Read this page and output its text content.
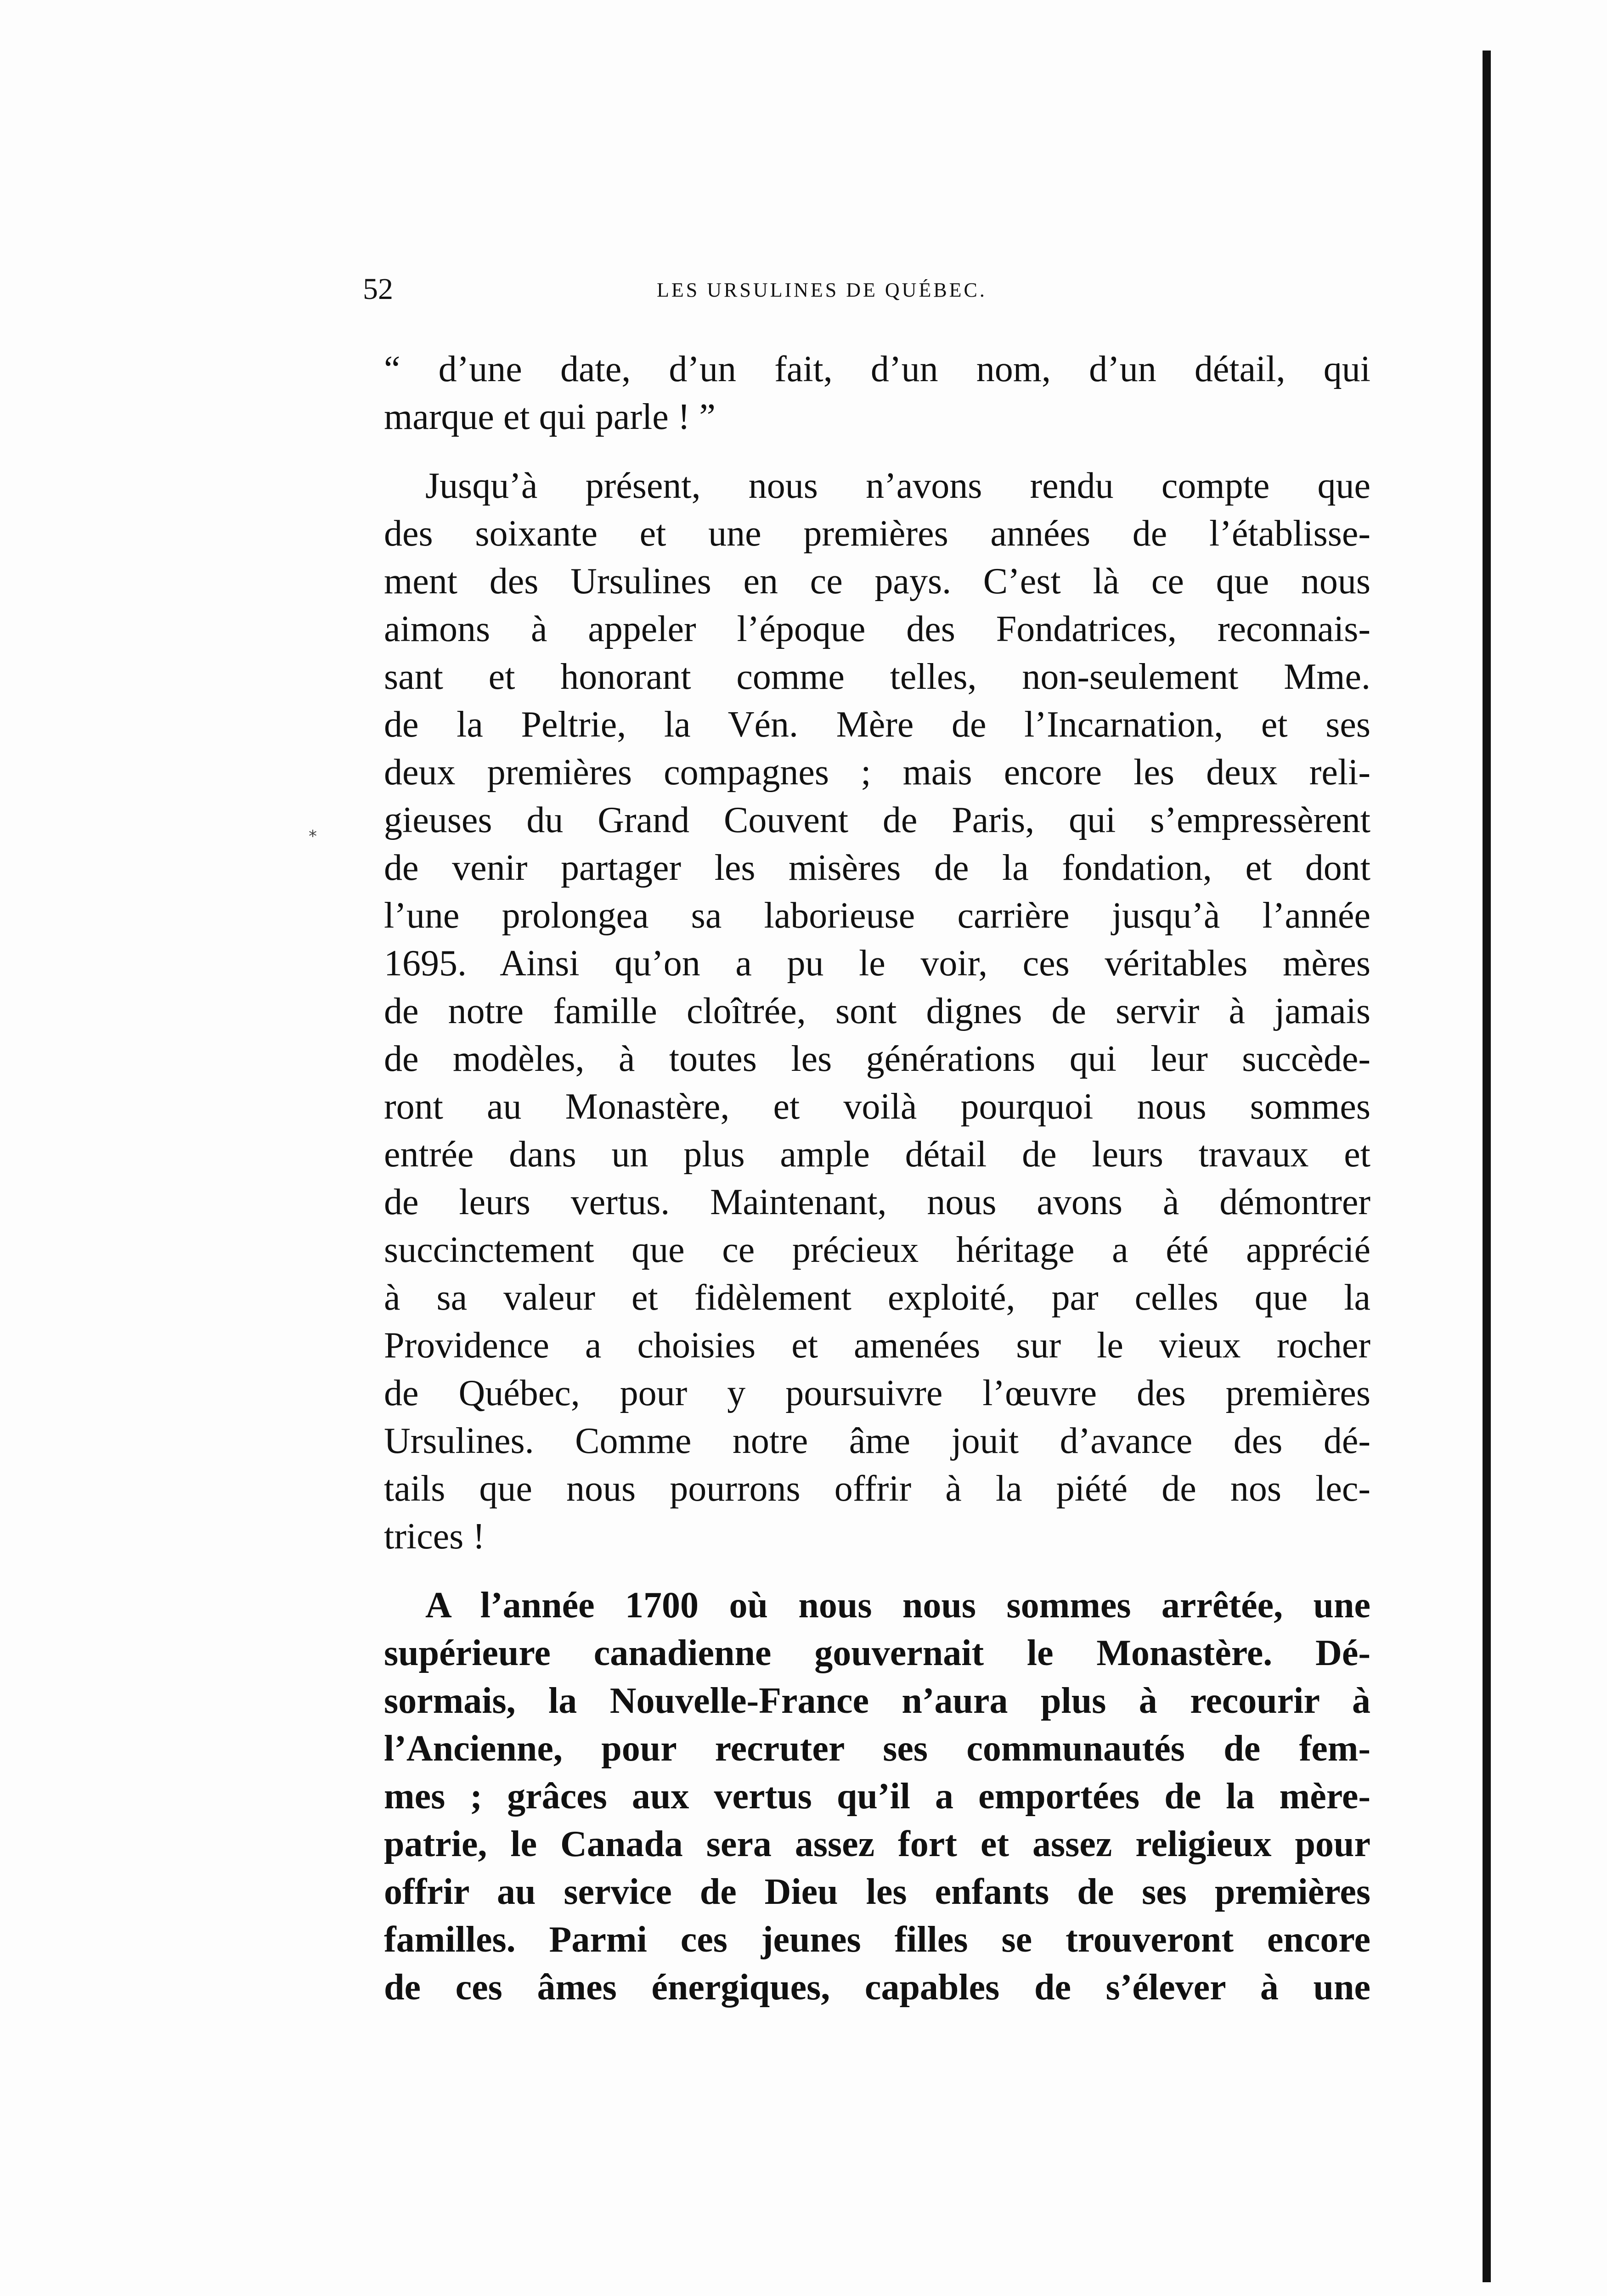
52	LES URSULINES DE QUÉBEC.
⁎
“ d’une date, d’un fait, d’un nom, d’un détail, qui
marque et qui parle ! ”
Jusqu’à présent, nous n’avons rendu compte que
des soixante et une premières années de l’établisse-
ment des Ursulines en ce pays. C’est là ce que nous
aimons à appeler l’époque des Fondatrices, reconnais-
sant et honorant comme telles, non-seulement Mme.
de la Peltrie, la Vén. Mère de l’Incarnation, et ses
deux premières compagnes ; mais encore les deux reli-
gieuses du Grand Couvent de Paris, qui s’empressèrent
de venir partager les misères de la fondation, et dont
l’une prolongea sa laborieuse carrière jusqu’à l’année
1695. Ainsi qu’on a pu le voir, ces véritables mères
de notre famille cloîtrée, sont dignes de servir à jamais
de modèles, à toutes les générations qui leur succède-
ront au Monastère, et voilà pourquoi nous sommes
entrée dans un plus ample détail de leurs travaux et
de leurs vertus. Maintenant, nous avons à démontrer
succinctement que ce précieux héritage a été apprécié
à sa valeur et fidèlement exploité, par celles que la
Providence a choisies et amenées sur le vieux rocher
de Québec, pour y poursuivre l’œuvre des premières
Ursulines. Comme notre âme jouit d’avance des dé-
tails que nous pourrons offrir à la piété de nos lec-
trices !
A l’année 1700 où nous nous sommes arrêtée, une
supérieure canadienne gouvernait le Monastère. Dé-
sormais, la Nouvelle-France n’aura plus à recourir à
l’Ancienne, pour recruter ses communautés de fem-
mes ; grâces aux vertus qu’il a emportées de la mère-
patrie, le Canada sera assez fort et assez religieux pour
offrir au service de Dieu les enfants de ses premières
familles. Parmi ces jeunes filles se trouveront encore
de ces âmes énergiques, capables de s’élever à une
